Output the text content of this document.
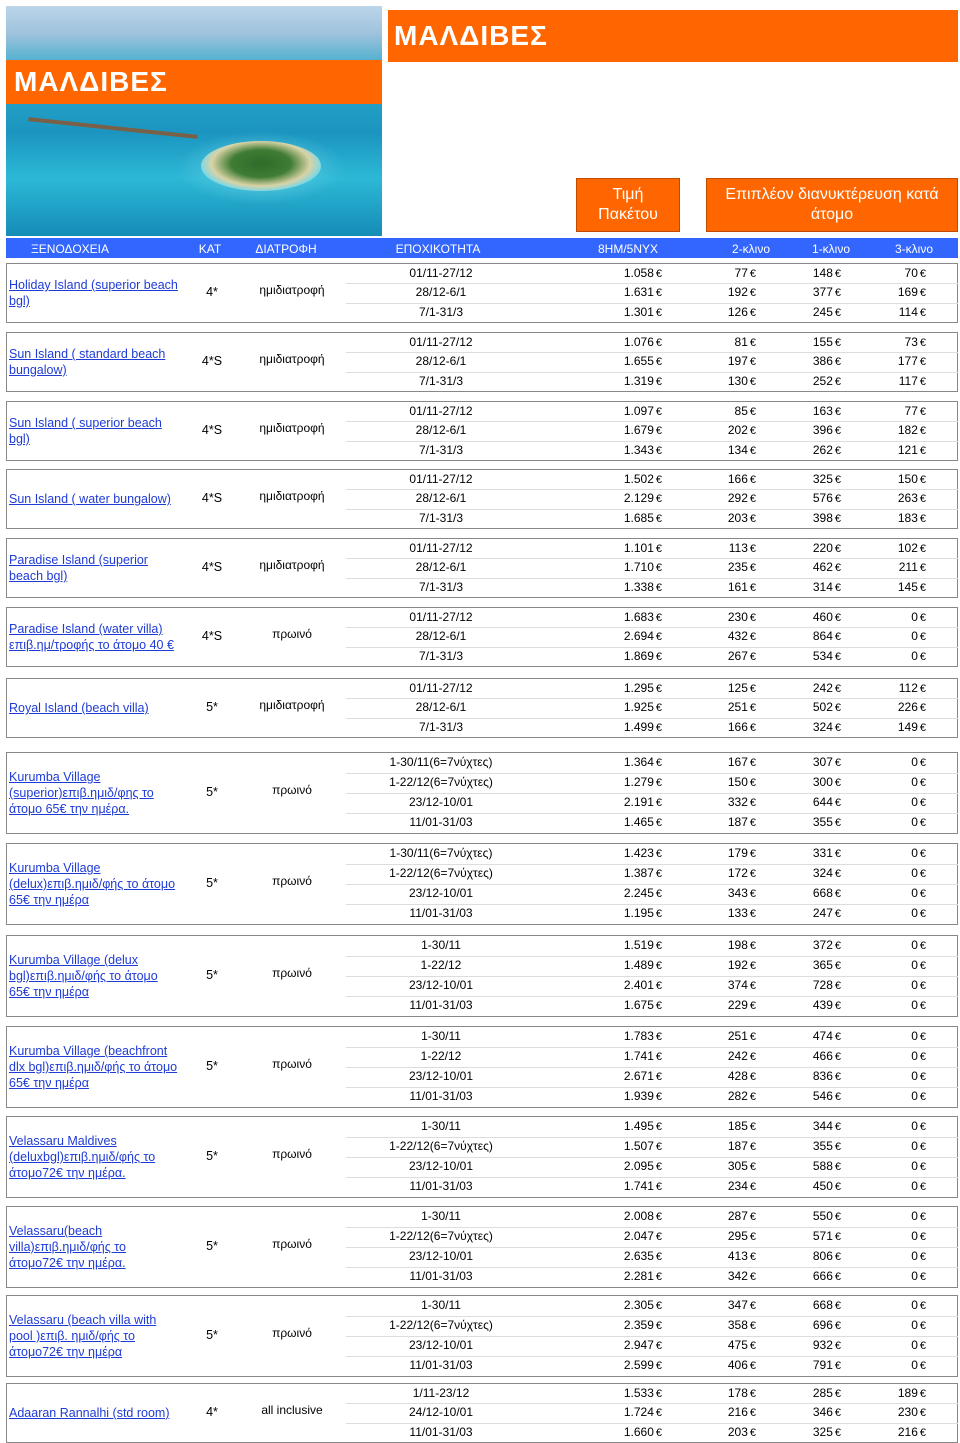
ΜΑΛΔΙΒΕΣ
ΜΑΛΔΙΒΕΣ
Τιμή Πακέτου
Επιπλέον διανυκτέρευση κατά άτομο
ΞΕΝΟΔΟΧΕΙΑ	ΚΑΤ	ΔΙΑΤΡΟΦΗ	ΕΠΟΧΙΚΟΤΗΤΑ	8ΗΜ/5ΝΥΧ	2-κλινο	1-κλινο	3-κλινο
Holiday Island (superior beach bgl)
4*	ημιδιατροφή
01/11-27/12	1.058 €	77 €	148 €	70 €
28/12-6/1	1.631 €	192 €	377 €	169 €
7/1-31/3	1.301 €	126 €	245 €	114 €
Sun Island ( standard beach bungalow)
4*S	ημιδιατροφή
01/11-27/12	1.076 €	81 €	155 €	73 €
28/12-6/1	1.655 €	197 €	386 €	177 €
7/1-31/3	1.319 €	130 €	252 €	117 €
Sun Island ( superior beach bgl)
4*S	ημιδιατροφή
01/11-27/12	1.097 €	85 €	163 €	77 €
28/12-6/1	1.679 €	202 €	396 €	182 €
7/1-31/3	1.343 €	134 €	262 €	121 €
Sun Island ( water bungalow)	4*S	ημιδιατροφή
01/11-27/12	1.502 €	166 €	325 €	150 €
28/12-6/1	2.129 €	292 €	576 €	263 €
7/1-31/3	1.685 €	203 €	398 €	183 €
Paradise Island (superior beach bgl)
4*S	ημιδιατροφή
01/11-27/12	1.101 €	113 €	220 €	102 €
28/12-6/1	1.710 €	235 €	462 €	211 €
7/1-31/3	1.338 €	161 €	314 €	145 €
Paradise Island (water villa) επιβ.ημ/τροφής το άτομο 40 €
4*S	πρωινό
01/11-27/12	1.683 €	230 €	460 €	0 €
28/12-6/1	2.694 €	432 €	864 €	0 €
7/1-31/3	1.869 €	267 €	534 €	0 €
Royal Island (beach villa)	5*	ημιδιατροφή
01/11-27/12	1.295 €	125 €	242 €	112 €
28/12-6/1	1.925 €	251 €	502 €	226 €
7/1-31/3	1.499 €	166 €	324 €	149 €
Kurumba Village (superior)επιβ.ημιδ/φης το άτομο 65€ την ημέρα.
5*	πρωινό
1-30/11(6=7νύχτες)	1.364 €	167 €	307 €	0 €
1-22/12(6=7νύχτες)	1.279 €	150 €	300 €	0 €
23/12-10/01	2.191 €	332 €	644 €	0 €
11/01-31/03	1.465 €	187 €	355 €	0 €
Kurumba Village (delux)επιβ.ημιδ/φής το άτομο 65€ την ημέρα
5*	πρωινό
1-30/11(6=7νύχτες)	1.423 €	179 €	331 €	0 €
1-22/12(6=7νύχτες)	1.387 €	172 €	324 €	0 €
23/12-10/01	2.245 €	343 €	668 €	0 €
11/01-31/03	1.195 €	133 €	247 €	0 €
Kurumba Village (delux bgl)επιβ.ημιδ/φής το άτομο 65€ την ημέρα
5*	πρωινό
1-30/11	1.519 €	198 €	372 €	0 €
1-22/12	1.489 €	192 €	365 €	0 €
23/12-10/01	2.401 €	374 €	728 €	0 €
11/01-31/03	1.675 €	229 €	439 €	0 €
Kurumba Village (beachfront dlx bgl)επιβ.ημιδ/φής το άτομο 65€ την ημέρα
5*	πρωινό
1-30/11	1.783 €	251 €	474 €	0 €
1-22/12	1.741 €	242 €	466 €	0 €
23/12-10/01	2.671 €	428 €	836 €	0 €
11/01-31/03	1.939 €	282 €	546 €	0 €
Velassaru Maldives (deluxbgl)επιβ.ημιδ/φής το άτομο72€ την ημέρα.
5*	πρωινό
1-30/11	1.495 €	185 €	344 €	0 €
1-22/12(6=7νύχτες)	1.507 €	187 €	355 €	0 €
23/12-10/01	2.095 €	305 €	588 €	0 €
11/01-31/03	1.741 €	234 €	450 €	0 €
Velassaru(beach villa)επιβ.ημιδ/φής το άτομο72€ την ημέρα.
5*	πρωινό
1-30/11	2.008 €	287 €	550 €	0 €
1-22/12(6=7νύχτες)	2.047 €	295 €	571 €	0 €
23/12-10/01	2.635 €	413 €	806 €	0 €
11/01-31/03	2.281 €	342 €	666 €	0 €
Velassaru (beach villa with pool )επιβ. ημιδ/φής το άτομο72€ την ημέρα
5*	πρωινό
1-30/11	2.305 €	347 €	668 €	0 €
1-22/12(6=7νύχτες)	2.359 €	358 €	696 €	0 €
23/12-10/01	2.947 €	475 €	932 €	0 €
11/01-31/03	2.599 €	406 €	791 €	0 €
Adaaran Rannalhi (std room)	4*	all inclusive
1/11-23/12	1.533 €	178 €	285 €	189 €
24/12-10/01	1.724 €	216 €	346 €	230 €
11/01-31/03	1.660 €	203 €	325 €	216 €
